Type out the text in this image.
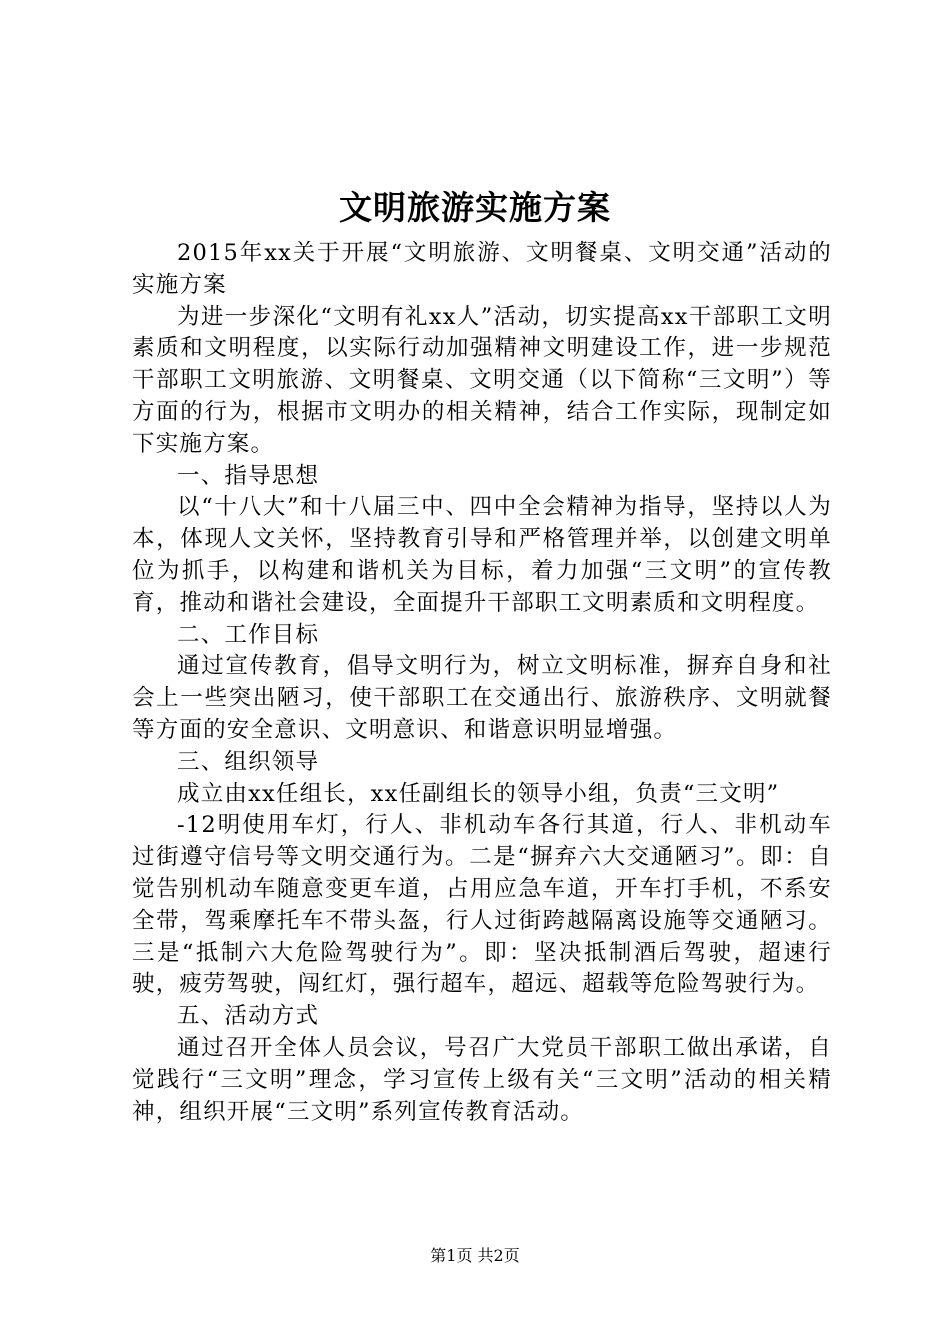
文明旅游实施方案

2015年xx关于开展“文明旅游、文明餐桌、文明交通”活动的实施方案

为进一步深化“文明有礼xx人”活动，切实提高xx干部职工文明素质和文明程度，以实际行动加强精神文明建设工作，进一步规范干部职工文明旅游、文明餐桌、文明交通（以下简称“三文明”）等方面的行为，根据市文明办的相关精神，结合工作实际，现制定如下实施方案。

一、指导思想

以“十八大”和十八届三中、四中全会精神为指导，坚持以人为本，体现人文关怀，坚持教育引导和严格管理并举，以创建文明单位为抓手，以构建和谐机关为目标，着力加强“三文明”的宣传教育，推动和谐社会建设，全面提升干部职工文明素质和文明程度。

二、工作目标

通过宣传教育，倡导文明行为，树立文明标准，摒弃自身和社会上一些突出陋习，使干部职工在交通出行、旅游秩序、文明就餐等方面的安全意识、文明意识、和谐意识明显增强。

三、组织领导

成立由xx任组长，xx任副组长的领导小组，负责“三文明”

-12明使用车灯，行人、非机动车各行其道，行人、非机动车过街遵守信号等文明交通行为。二是“摒弃六大交通陋习”。即：自觉告别机动车随意变更车道，占用应急车道，开车打手机，不系安全带，驾乘摩托车不带头盔，行人过街跨越隔离设施等交通陋习。三是“抵制六大危险驾驶行为”。即：坚决抵制酒后驾驶，超速行驶，疲劳驾驶，闯红灯，强行超车，超远、超载等危险驾驶行为。

五、活动方式

通过召开全体人员会议，号召广大党员干部职工做出承诺，自觉践行“三文明”理念，学习宣传上级有关“三文明”活动的相关精神，组织开展“三文明”系列宣传教育活动。

第1页 共2页
